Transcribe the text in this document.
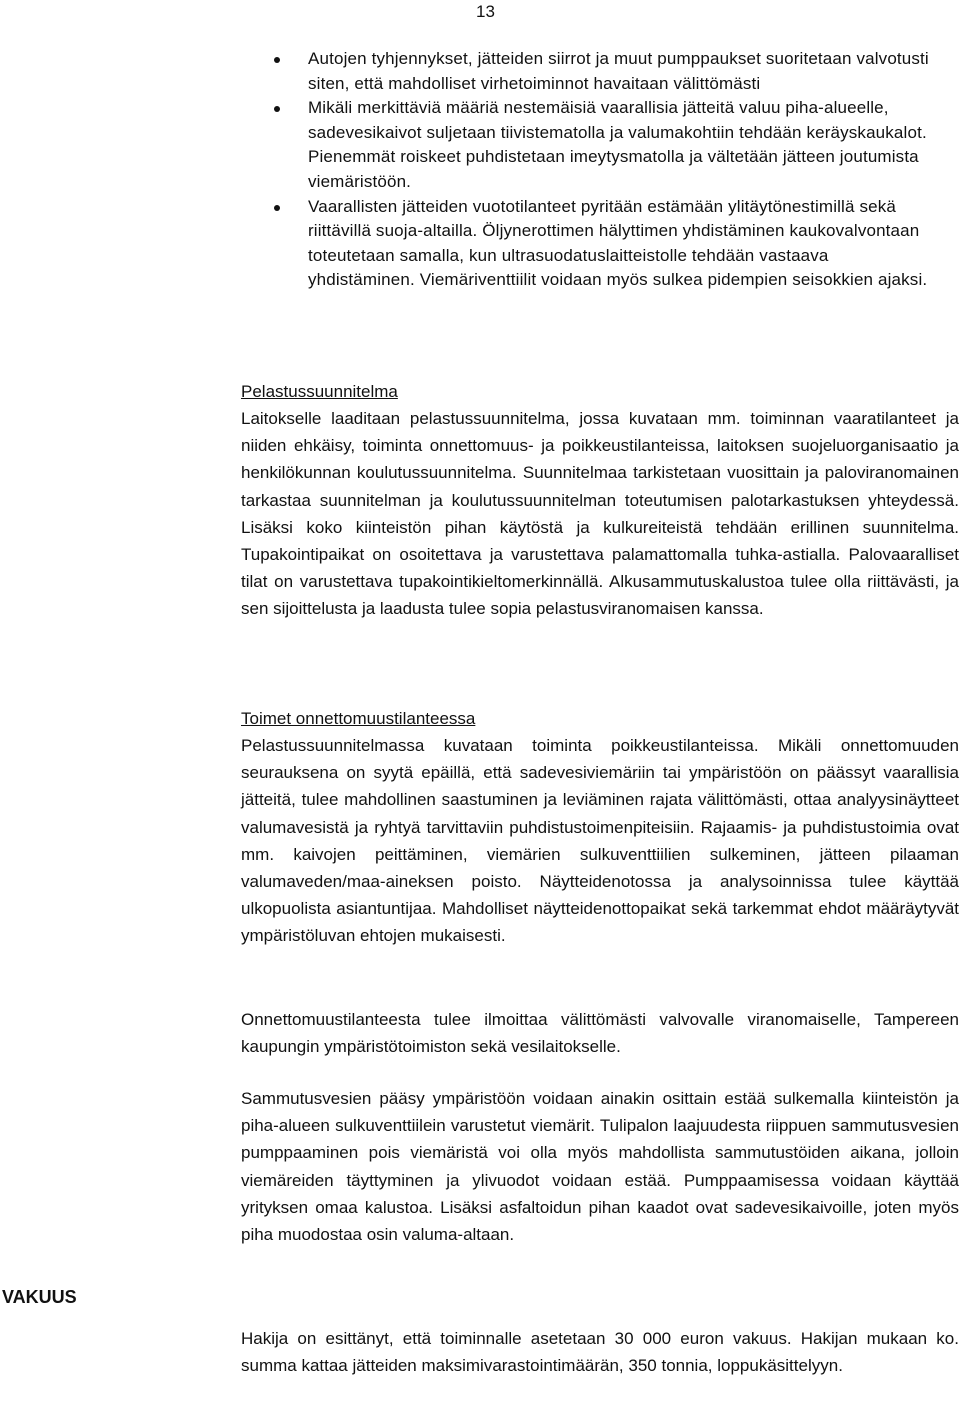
13
Autojen tyhjennykset, jätteiden siirrot ja muut pumppaukset suoritetaan valvotusti siten, että mahdolliset virhetoiminnot havaitaan välittömästi
Mikäli merkittäviä määriä nestemäisiä vaarallisia jätteitä valuu piha-alueelle, sadevesikaivot suljetaan tiivistematolla ja valumakohtiin tehdään keräyskaukalot. Pienemmät roiskeet puhdistetaan imeytysmatolla ja vältetään jätteen joutumista viemäristöön.
Vaarallisten jätteiden vuototilanteet pyritään estämään ylitäytönestimillä sekä riittävillä suoja-altailla. Öljynerottimen hälyttimen yhdistäminen kaukovalvontaan toteutetaan samalla, kun ultrasuodatuslaitteistolle tehdään vastaava yhdistäminen. Viemäriventtiilit voidaan myös sulkea pidempien seisokkien ajaksi.
Pelastussuunnitelma

Laitokselle laaditaan pelastussuunnitelma, jossa kuvataan mm. toiminnan vaaratilanteet ja niiden ehkäisy, toiminta onnettomuus- ja poikkeustilanteissa, laitoksen suojeluorganisaatio ja henkilökunnan koulutussuunnitelma. Suunnitelmaa tarkistetaan vuosittain ja paloviranomainen tarkastaa suunnitelman ja koulutussuunnitelman toteutumisen palotarkastuksen yhteydessä. Lisäksi koko kiinteistön pihan käytöstä ja kulkureiteistä tehdään erillinen suunnitelma. Tupakointipaikat on osoitettava ja varustettava palamattomalla tuhka-astialla. Palovaaralliset tilat on varustettava tupakointikieltomerkinnällä. Alkusammutuskalustoa tulee olla riittävästi, ja sen sijoittelusta ja laadusta tulee sopia pelastusviranomaisen kanssa.

Toimet onnettomuustilanteessa

Pelastussuunnitelmassa kuvataan toiminta poikkeustilanteissa. Mikäli onnettomuuden seurauksena on syytä epäillä, että sadevesiviemäriin tai ympäristöön on päässyt vaarallisia jätteitä, tulee mahdollinen saastuminen ja leviäminen rajata välittömästi, ottaa analyysinäytteet valumavesistä ja ryhtyä tarvittaviin puhdistustoimenpiteisiin. Rajaamis- ja puhdistustoimia ovat mm. kaivojen peittäminen, viemärien sulkuventtiilien sulkeminen, jätteen pilaaman valumaveden/maa-aineksen poisto. Näytteidenotossa ja analysoinnissa tulee käyttää ulkopuolista asiantuntijaa. Mahdolliset näytteidenottopaikat sekä tarkemmat ehdot määräytyvät ympäristöluvan ehtojen mukaisesti.

Onnettomuustilanteesta tulee ilmoittaa välittömästi valvovalle viranomaiselle, Tampereen kaupungin ympäristötoimiston sekä vesilaitokselle.

Sammutusvesien pääsy ympäristöön voidaan ainakin osittain estää sulkemalla kiinteistön ja piha-alueen sulkuventtiilein varustetut viemärit. Tulipalon laajuudesta riippuen sammutusvesien pumppaaminen pois viemäristä voi olla myös mahdollista sammutustöiden aikana, jolloin viemäreiden täyttyminen ja ylivuodot voidaan estää. Pumppaamisessa voidaan käyttää yrityksen omaa kalustoa. Lisäksi asfaltoidun pihan kaadot ovat sadevesikaivoille, joten myös piha muodostaa osin valuma-altaan.

VAKUUS

Hakija on esittänyt, että toiminnalle asetetaan 30 000 euron vakuus. Hakijan mukaan ko. summa kattaa jätteiden maksimivarastointimäärän, 350 tonnia, loppukäsittelyyn.
